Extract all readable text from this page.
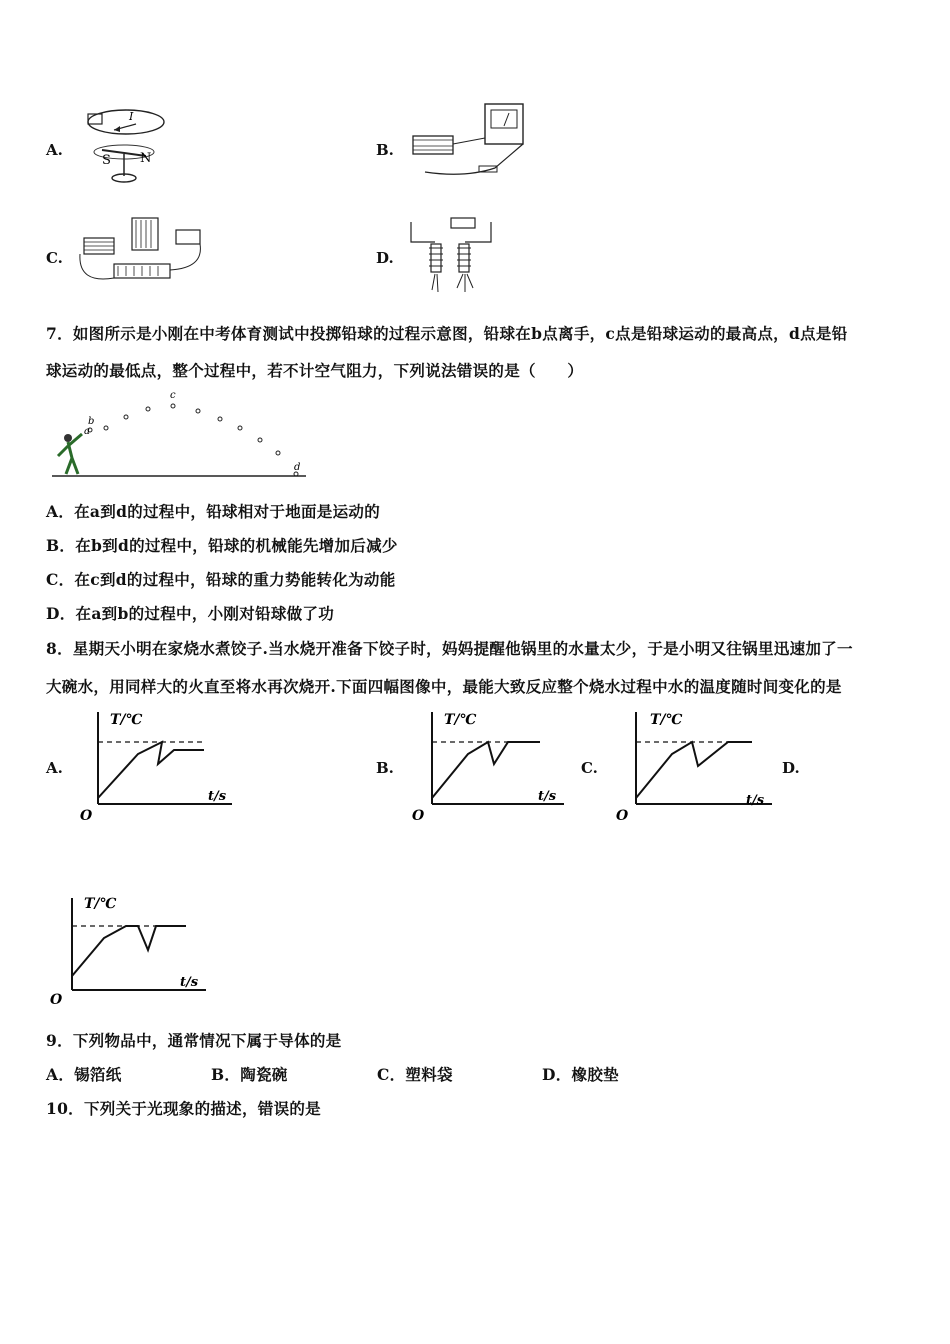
A.
I
S N	B.
C.	D.
7．如图所示是小刚在中考体育测试中投掷铅球的过程示意图，铅球在b点离手，c点是铅球运动的最高点，d点是铅
球运动的最低点，整个过程中，若不计空气阻力，下列说法错误的是（　　）
a
b
c
d
A．在a到d的过程中，铅球相对于地面是运动的
B．在b到d的过程中，铅球的机械能先增加后减少
C．在c到d的过程中，铅球的重力势能转化为动能
D．在a到b的过程中，小刚对铅球做了功
8．星期天小明在家烧水煮饺子.当水烧开准备下饺子时，妈妈提醒他锅里的水量太少，于是小明又往锅里迅速加了一
大碗水，用同样大的火直至将水再次烧开.下面四幅图像中，最能大致反应整个烧水过程中水的温度随时间变化的是
A.	B.	C.	D.
T/℃
t/s
O
T/℃
t/s
O
T/℃
t/s
O
T/℃
t/s
O
9．下列物品中，通常情况下属于导体的是
A．锡箔纸	B．陶瓷碗	C．塑料袋	D．橡胶垫
10．下列关于光现象的描述，错误的是
